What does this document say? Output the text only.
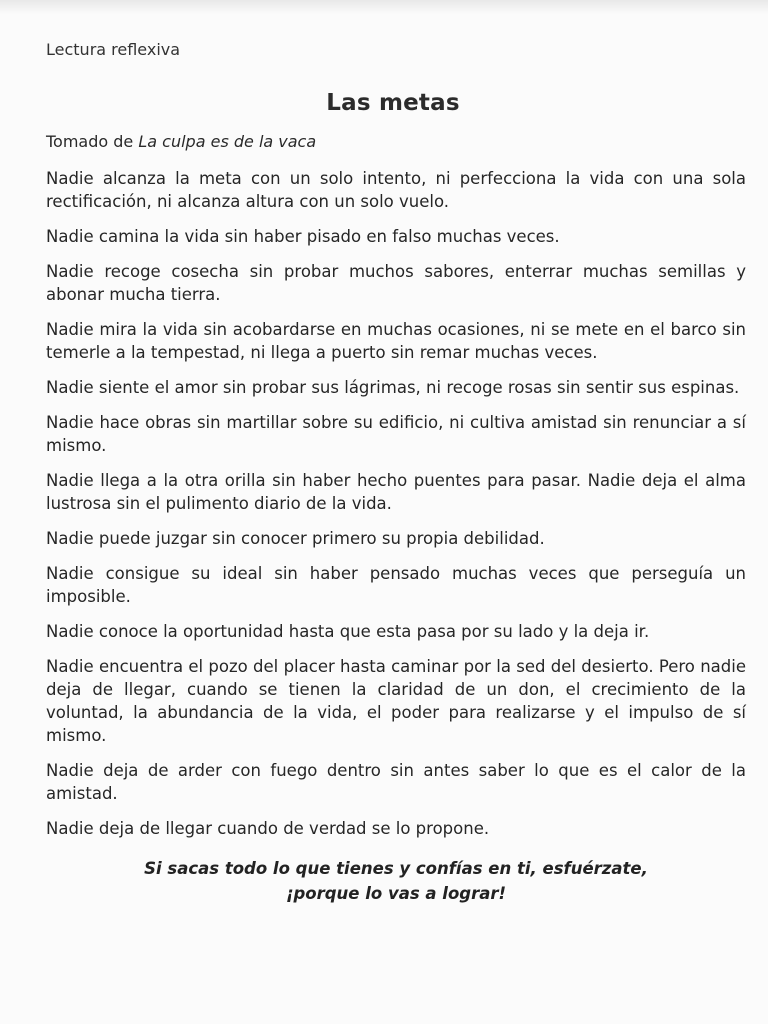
Lectura reflexiva
Las metas
Tomado de La culpa es de la vaca

Nadie alcanza la meta con un solo intento, ni perfecciona la vida con una sola rectificación, ni alcanza altura con un solo vuelo.

Nadie camina la vida sin haber pisado en falso muchas veces.

Nadie recoge cosecha sin probar muchos sabores, enterrar muchas semillas y abonar mucha tierra.

Nadie mira la vida sin acobardarse en muchas ocasiones, ni se mete en el barco sin temerle a la tempestad, ni llega a puerto sin remar muchas veces.

Nadie siente el amor sin probar sus lágrimas, ni recoge rosas sin sentir sus espinas.

Nadie hace obras sin martillar sobre su edificio, ni cultiva amistad sin renunciar a sí mismo.

Nadie llega a la otra orilla sin haber hecho puentes para pasar. Nadie deja el alma lustrosa sin el pulimento diario de la vida.

Nadie puede juzgar sin conocer primero su propia debilidad.

Nadie consigue su ideal sin haber pensado muchas veces que perseguía un imposible.

Nadie conoce la oportunidad hasta que esta pasa por su lado y la deja ir.

Nadie encuentra el pozo del placer hasta caminar por la sed del desierto. Pero nadie deja de llegar, cuando se tienen la claridad de un don, el crecimiento de la voluntad, la abundancia de la vida, el poder para realizarse y el impulso de sí mismo.

Nadie deja de arder con fuego dentro sin antes saber lo que es el calor de la amistad.

Nadie deja de llegar cuando de verdad se lo propone.

Si sacas todo lo que tienes y confías en ti, esfuérzate,
¡porque lo vas a lograr!
